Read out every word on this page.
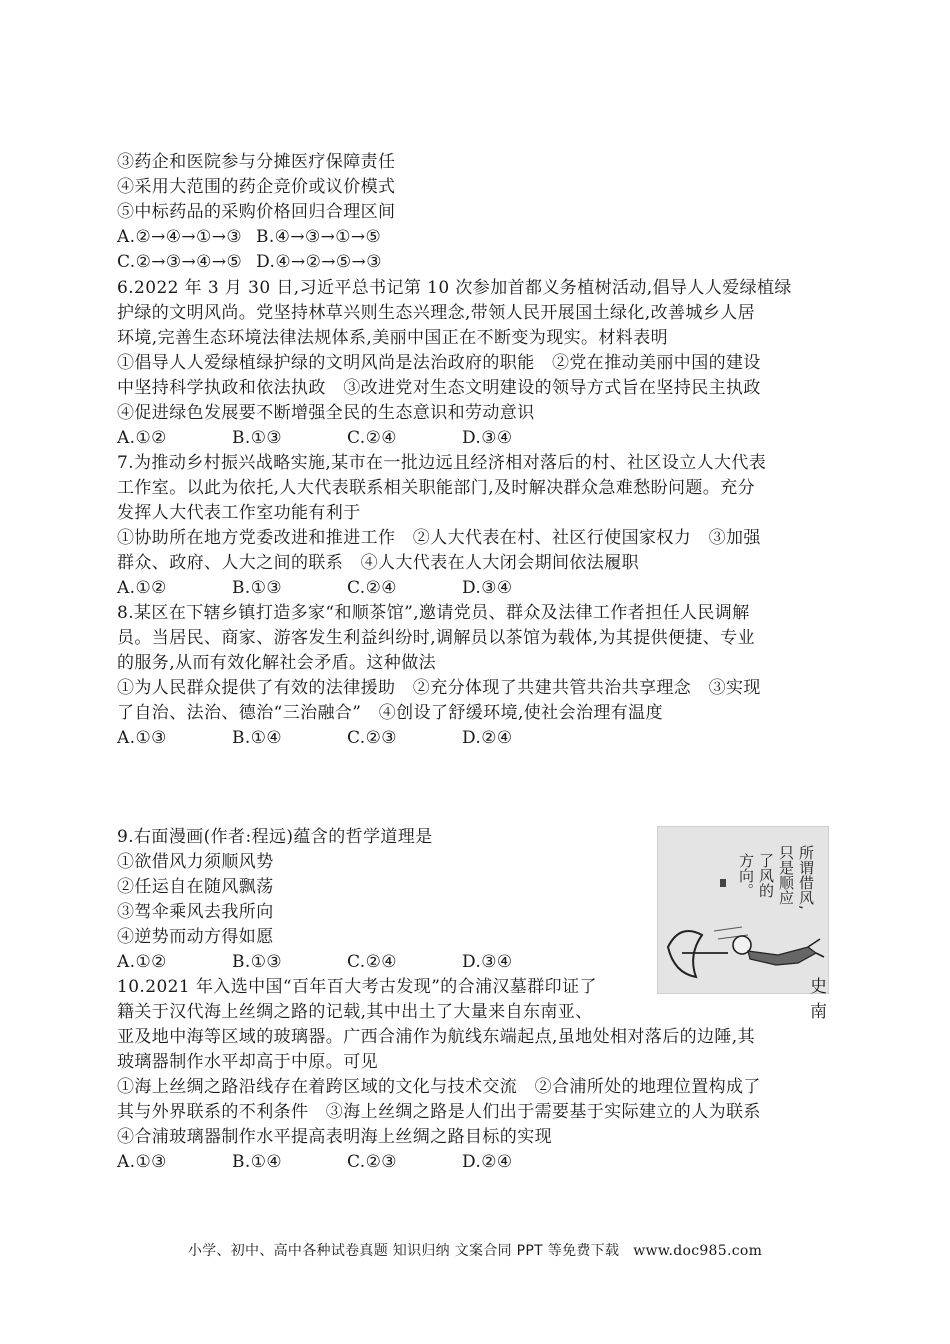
③药企和医院参与分摊医疗保障责任
④采用大范围的药企竞价或议价模式
⑤中标药品的采购价格回归合理区间
A.②→④→①→③ B.④→③→①→⑤
C.②→③→④→⑤ D.④→②→⑤→③
6.2022 年 3 月 30 日,习近平总书记第 10 次参加首都义务植树活动,倡导人人爱绿植绿
护绿的文明风尚。党坚持林草兴则生态兴理念,带领人民开展国土绿化,改善城乡人居
环境,完善生态环境法律法规体系,美丽中国正在不断变为现实。材料表明
①倡导人人爱绿植绿护绿的文明风尚是法治政府的职能　②党在推动美丽中国的建设
中坚持科学执政和依法执政　③改进党对生态文明建设的领导方式旨在坚持民主执政
④促进绿色发展要不断增强全民的生态意识和劳动意识
A.①②	B.①③	C.②④	D.③④
7.为推动乡村振兴战略实施,某市在一批边远且经济相对落后的村、社区设立人大代表
工作室。以此为依托,人大代表联系相关职能部门,及时解决群众急难愁盼问题。充分
发挥人大代表工作室功能有利于
①协助所在地方党委改进和推进工作　②人大代表在村、社区行使国家权力　③加强
群众、政府、人大之间的联系　④人大代表在人大闭会期间依法履职
A.①②	B.①③	C.②④	D.③④
8.某区在下辖乡镇打造多家“和顺茶馆”,邀请党员、群众及法律工作者担任人民调解
员。当居民、商家、游客发生利益纠纷时,调解员以茶馆为载体,为其提供便捷、专业
的服务,从而有效化解社会矛盾。这种做法
①为人民群众提供了有效的法律援助　②充分体现了共建共管共治共享理念　③实现
了自治、法治、德治“三治融合”　④创设了舒缓环境,使社会治理有温度
A.①③	B.①④	C.②③	D.②④
9.右面漫画(作者:程远)蕴含的哲学道理是
①欲借风力须顺风势
②任运自在随风飘荡
③驾伞乘风去我所向
④逆势而动方得如愿
A.①②	B.①③	C.②④	D.③④
所谓借风,
只是顺应
了风的
方向。
10.2021 年入选中国“百年百大考古发现”的合浦汉墓群印证了	史
籍关于汉代海上丝绸之路的记载,其中出土了大量来自东南亚、	南
亚及地中海等区域的玻璃器。广西合浦作为航线东端起点,虽地处相对落后的边陲,其
玻璃器制作水平却高于中原。可见
①海上丝绸之路沿线存在着跨区域的文化与技术交流　②合浦所处的地理位置构成了
其与外界联系的不利条件　③海上丝绸之路是人们出于需要基于实际建立的人为联系
④合浦玻璃器制作水平提高表明海上丝绸之路目标的实现
A.①③	B.①④	C.②③	D.②④
小学、初中、高中各种试卷真题 知识归纳 文案合同 PPT 等免费下载 www.doc985.com
